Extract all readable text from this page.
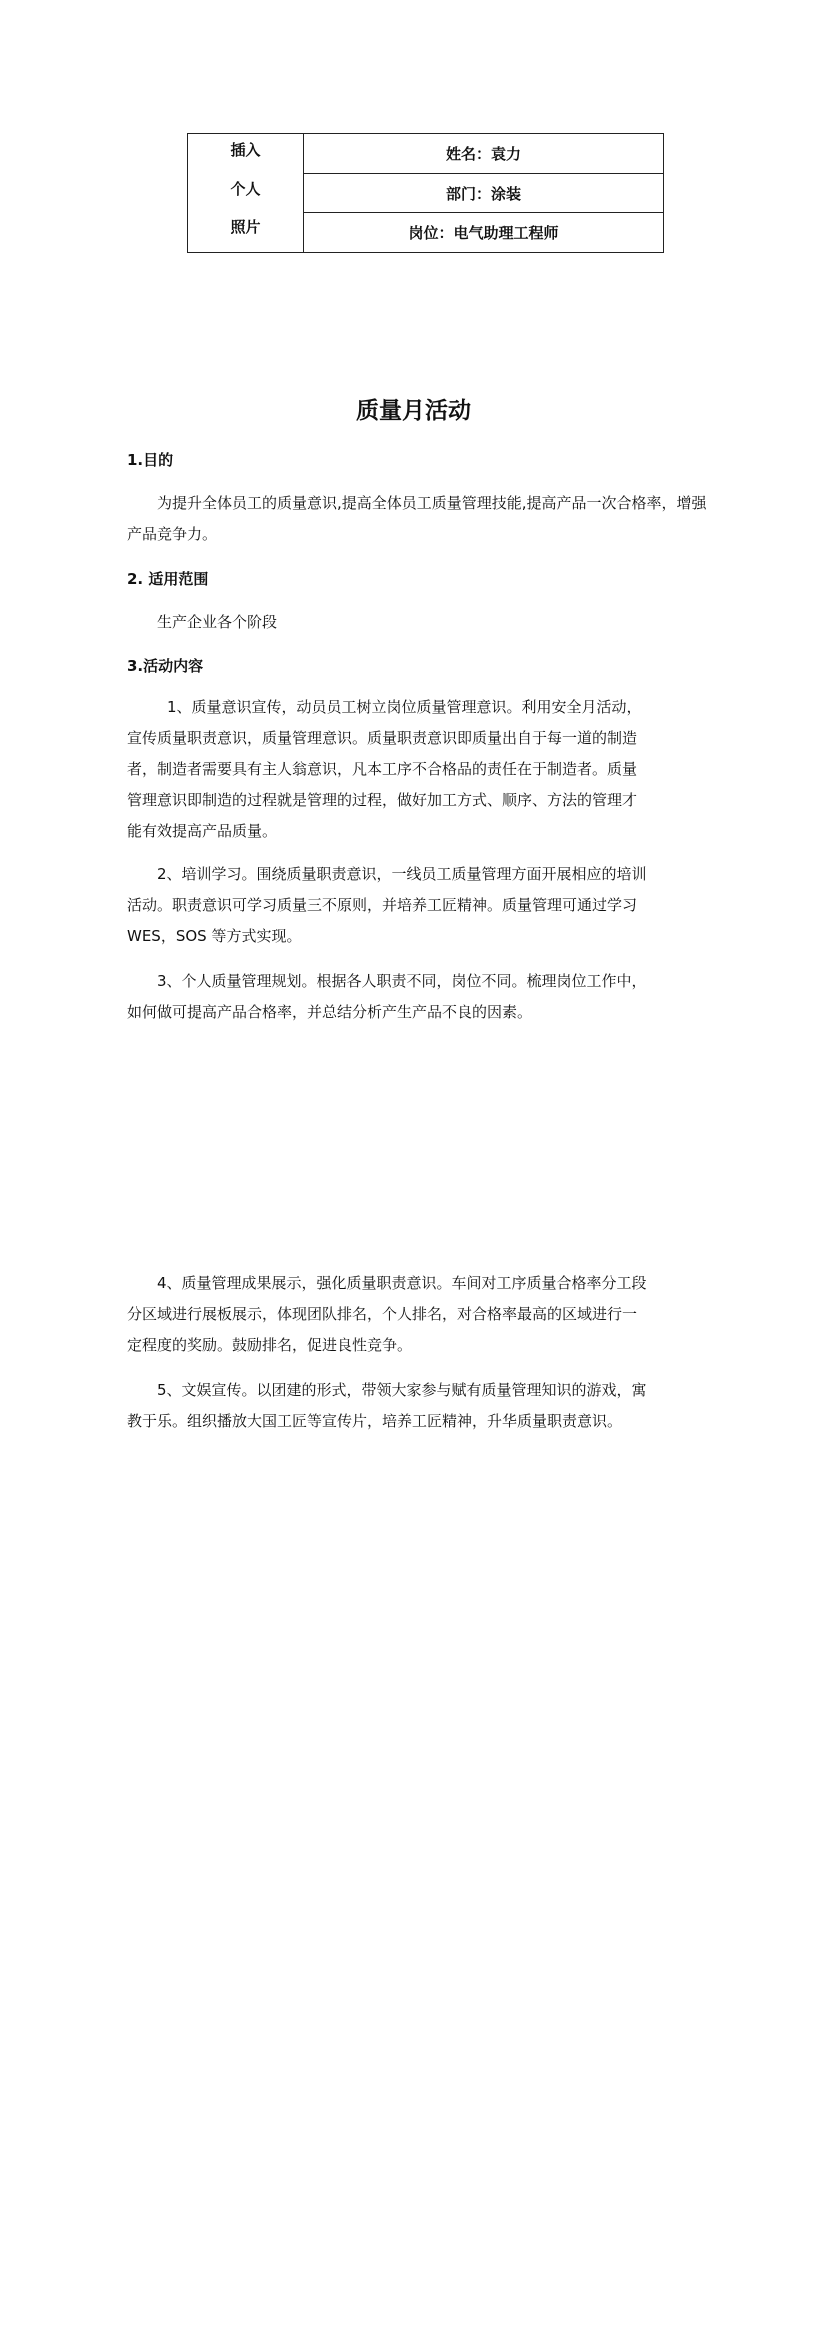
插入
个人
照片
姓名：袁力
部门：涂装
岗位：电气助理工程师
质量月活动
1.目的
为提升全体员工的质量意识,提高全体员工质量管理技能,提高产品一次合格率，增强
产品竞争力。
2. 适用范围
生产企业各个阶段
3.活动内容
1、质量意识宣传，动员员工树立岗位质量管理意识。利用安全月活动，
宣传质量职责意识，质量管理意识。质量职责意识即质量出自于每一道的制造
者，制造者需要具有主人翁意识，凡本工序不合格品的责任在于制造者。质量
管理意识即制造的过程就是管理的过程，做好加工方式、顺序、方法的管理才
能有效提高产品质量。
2、培训学习。围绕质量职责意识，一线员工质量管理方面开展相应的培训
活动。职责意识可学习质量三不原则，并培养工匠精神。质量管理可通过学习
WES，SOS 等方式实现。
3、个人质量管理规划。根据各人职责不同，岗位不同。梳理岗位工作中，
如何做可提高产品合格率，并总结分析产生产品不良的因素。
4、质量管理成果展示，强化质量职责意识。车间对工序质量合格率分工段
分区域进行展板展示，体现团队排名，个人排名，对合格率最高的区域进行一
定程度的奖励。鼓励排名，促进良性竞争。
5、文娱宣传。以团建的形式，带领大家参与赋有质量管理知识的游戏，寓
教于乐。组织播放大国工匠等宣传片，培养工匠精神，升华质量职责意识。
